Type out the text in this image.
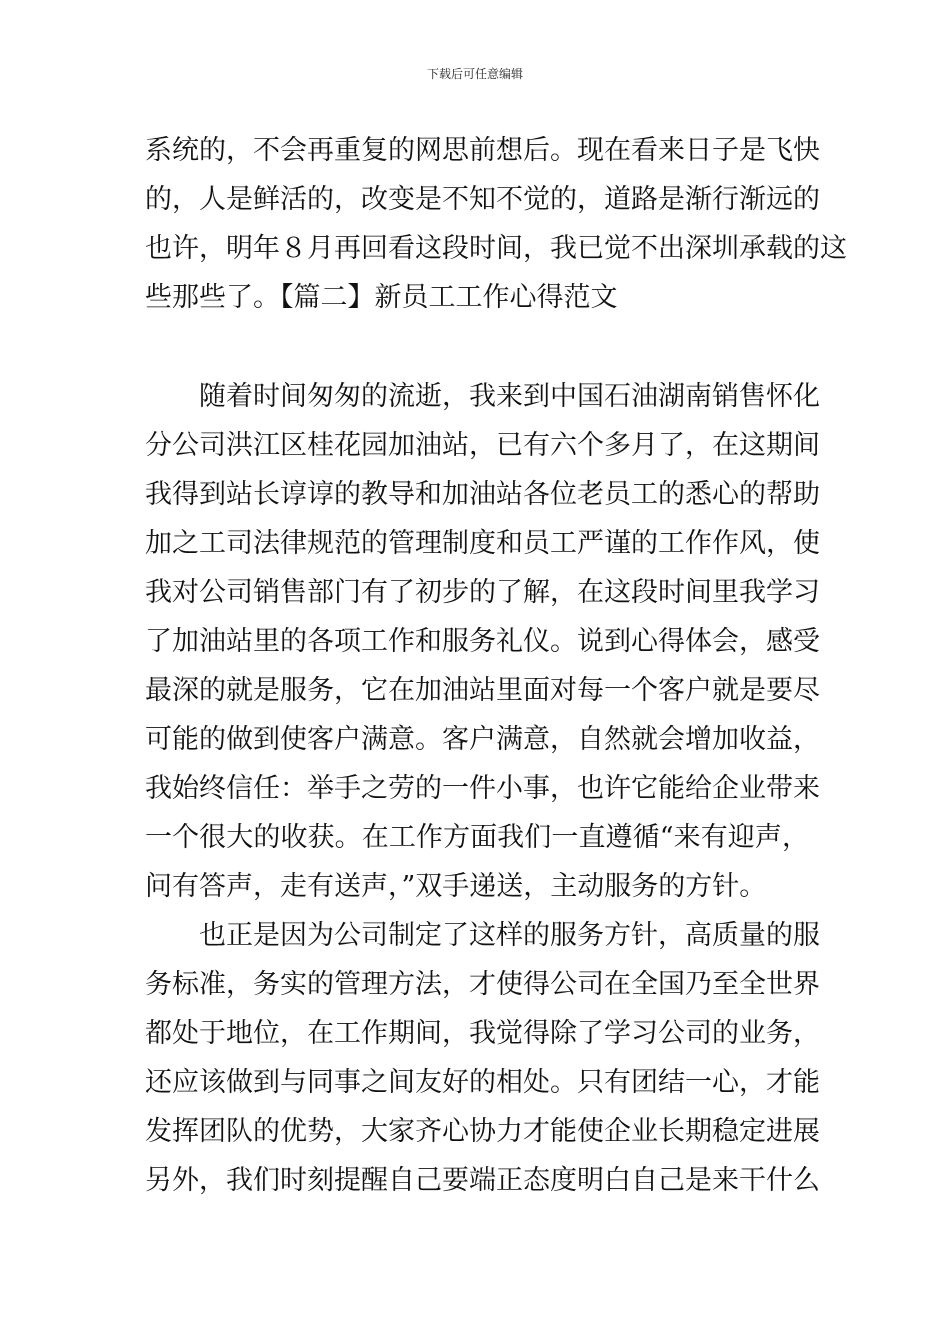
下载后可任意编辑
系统的，不会再重复的网思前想后。现在看来日子是飞快
的，人是鲜活的，改变是不知不觉的，道路是渐行渐远的
也许，明年８月再回看这段时间，我已觉不出深圳承载的这
些那些了。【篇二】新员工工作心得范文
随着时间匆匆的流逝，我来到中国石油湖南销售怀化
分公司洪江区桂花园加油站，已有六个多月了，在这期间
我得到站长谆谆的教导和加油站各位老员工的悉心的帮助
加之工司法律规范的管理制度和员工严谨的工作作风，使
我对公司销售部门有了初步的了解，在这段时间里我学习
了加油站里的各项工作和服务礼仪。说到心得体会，感受
最深的就是服务，它在加油站里面对每一个客户就是要尽
可能的做到使客户满意。客户满意，自然就会增加收益，
我始终信任：举手之劳的一件小事，也许它能给企业带来
一个很大的收获。在工作方面我们一直遵循“来有迎声，
问有答声，走有送声，”双手递送，主动服务的方针。
也正是因为公司制定了这样的服务方针，高质量的服
务标准，务实的管理方法，才使得公司在全国乃至全世界
都处于地位，在工作期间，我觉得除了学习公司的业务，
还应该做到与同事之间友好的相处。只有团结一心，才能
发挥团队的优势，大家齐心协力才能使企业长期稳定进展
另外，我们时刻提醒自己要端正态度明白自己是来干什么
